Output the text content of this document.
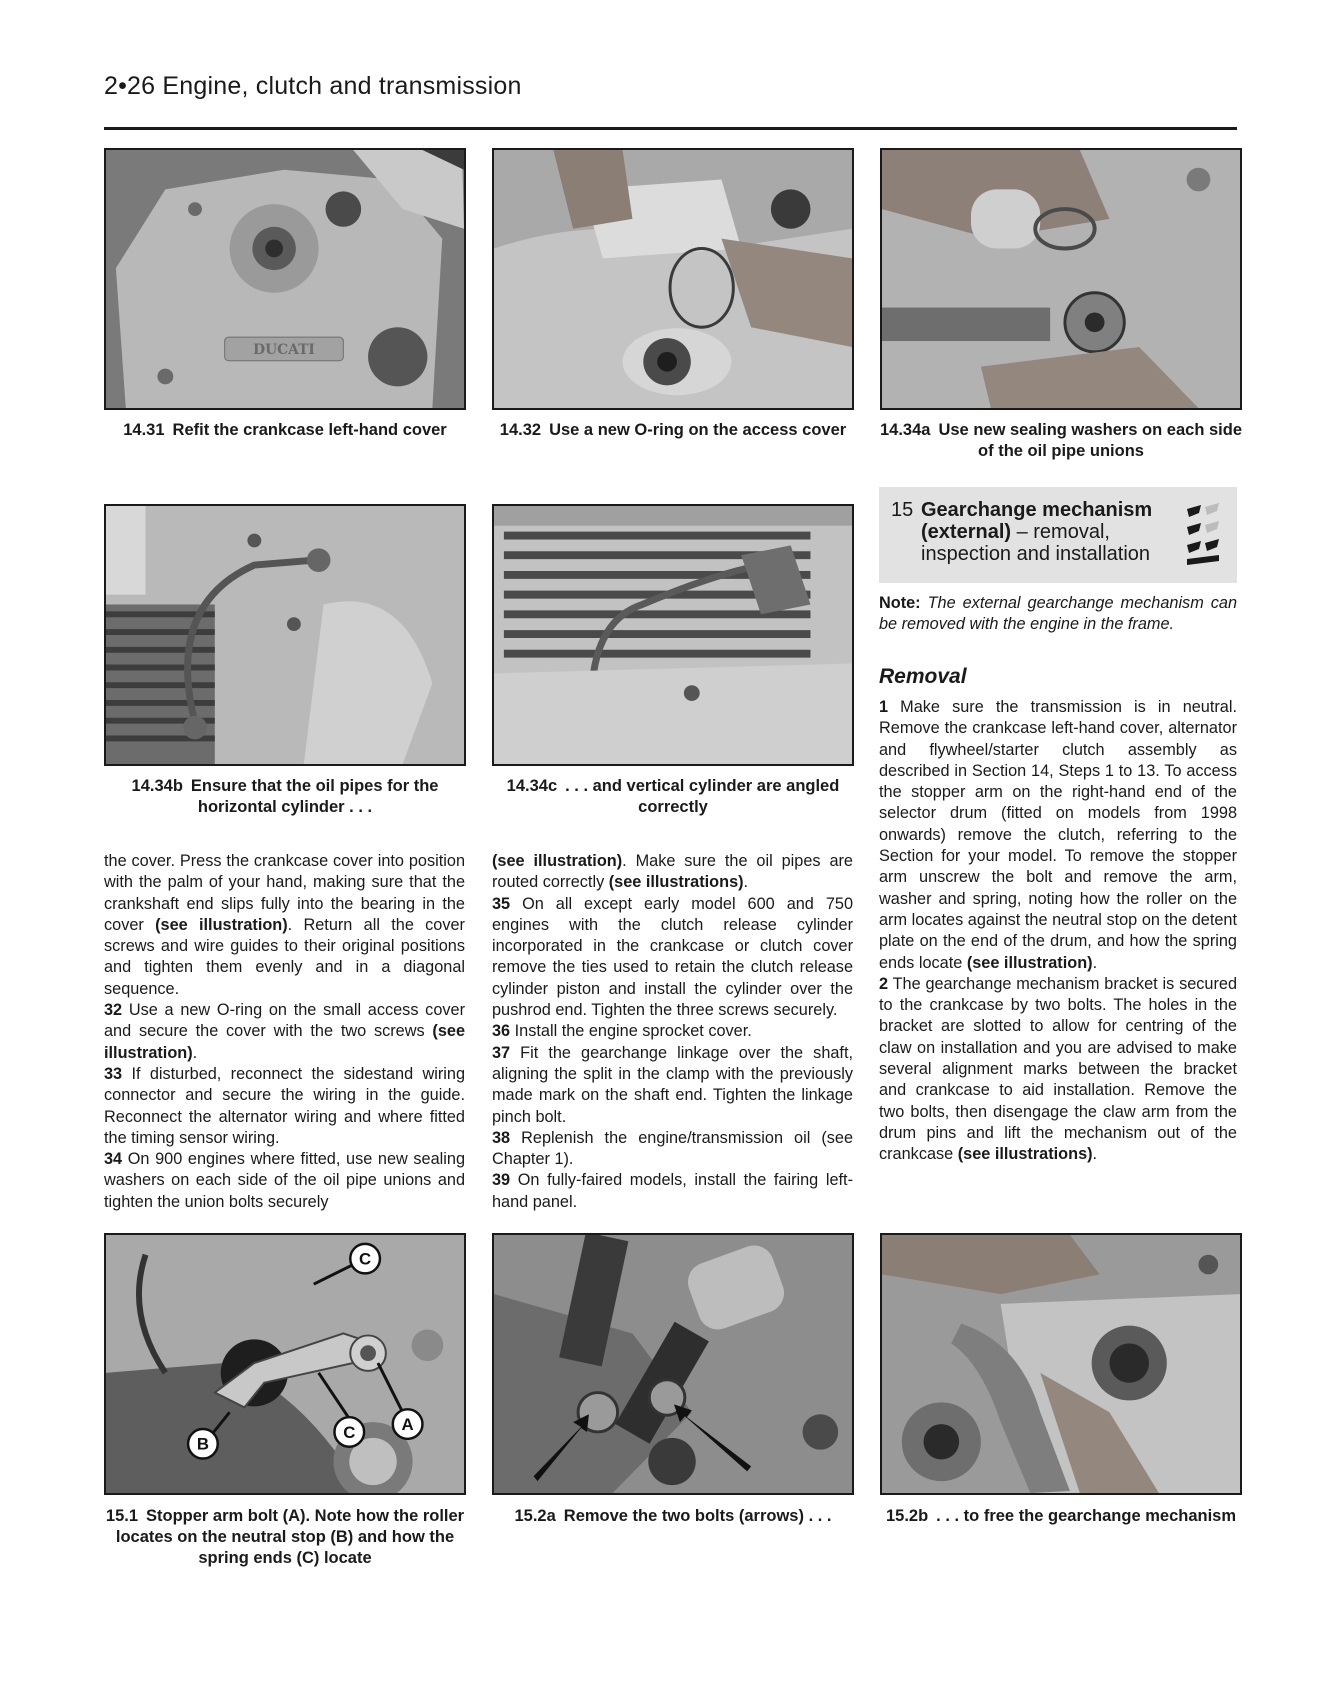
2•26 Engine, clutch and transmission
DUCATI
14.31 Refit the crankcase left-hand cover	14.32 Use a new O-ring on the access cover	14.34a Use new sealing washers on each side of the oil pipe unions
14.34b Ensure that the oil pipes for the horizontal cylinder . . .
14.34c . . . and vertical cylinder are angled correctly
15 Gearchange mechanism (external) – removal, inspection and installation
Note: The external gearchange mechanism can be removed with the engine in the frame.
Removal

the cover. Press the crankcase cover into position with the palm of your hand, making sure that the crankshaft end slips fully into the bearing in the cover (see illustration). Return all the cover screws and wire guides to their original positions and tighten them evenly and in a diagonal sequence.

32 Use a new O-ring on the small access cover and secure the cover with the two screws (see illustration).

33 If disturbed, reconnect the sidestand wiring connector and secure the wiring in the guide. Reconnect the alternator wiring and where fitted the timing sensor wiring.

34 On 900 engines where fitted, use new sealing washers on each side of the oil pipe unions and tighten the union bolts securely

(see illustration). Make sure the oil pipes are routed correctly (see illustrations).

35 On all except early model 600 and 750 engines with the clutch release cylinder incorporated in the crankcase or clutch cover remove the ties used to retain the clutch release cylinder piston and install the cylinder over the pushrod end. Tighten the three screws securely.

36 Install the engine sprocket cover.

37 Fit the gearchange linkage over the shaft, aligning the split in the clamp with the previously made mark on the shaft end. Tighten the linkage pinch bolt.

38 Replenish the engine/transmission oil (see Chapter 1).

39 On fully-faired models, install the fairing left-hand panel.

1 Make sure the transmission is in neutral. Remove the crankcase left-hand cover, alternator and flywheel/starter clutch assembly as described in Section 14, Steps 1 to 13. To access the stopper arm on the right-hand end of the selector drum (fitted on models from 1998 onwards) remove the clutch, referring to the Section for your model. To remove the stopper arm unscrew the bolt and remove the arm, washer and spring, noting how the roller on the arm locates against the neutral stop on the detent plate on the end of the drum, and how the spring ends locate (see illustration).

2 The gearchange mechanism bracket is secured to the crankcase by two bolts. The holes in the bracket are slotted to allow for centring of the claw on installation and you are advised to make several alignment marks between the bracket and crankcase to aid installation. Remove the two bolts, then disengage the claw arm from the drum pins and lift the mechanism out of the crankcase (see illustrations).

C
A
B
C
15.1 Stopper arm bolt (A). Note how the roller locates on the neutral stop (B) and how the spring ends (C) locate
15.2a Remove the two bolts (arrows) . . .	15.2b . . . to free the gearchange mechanism
